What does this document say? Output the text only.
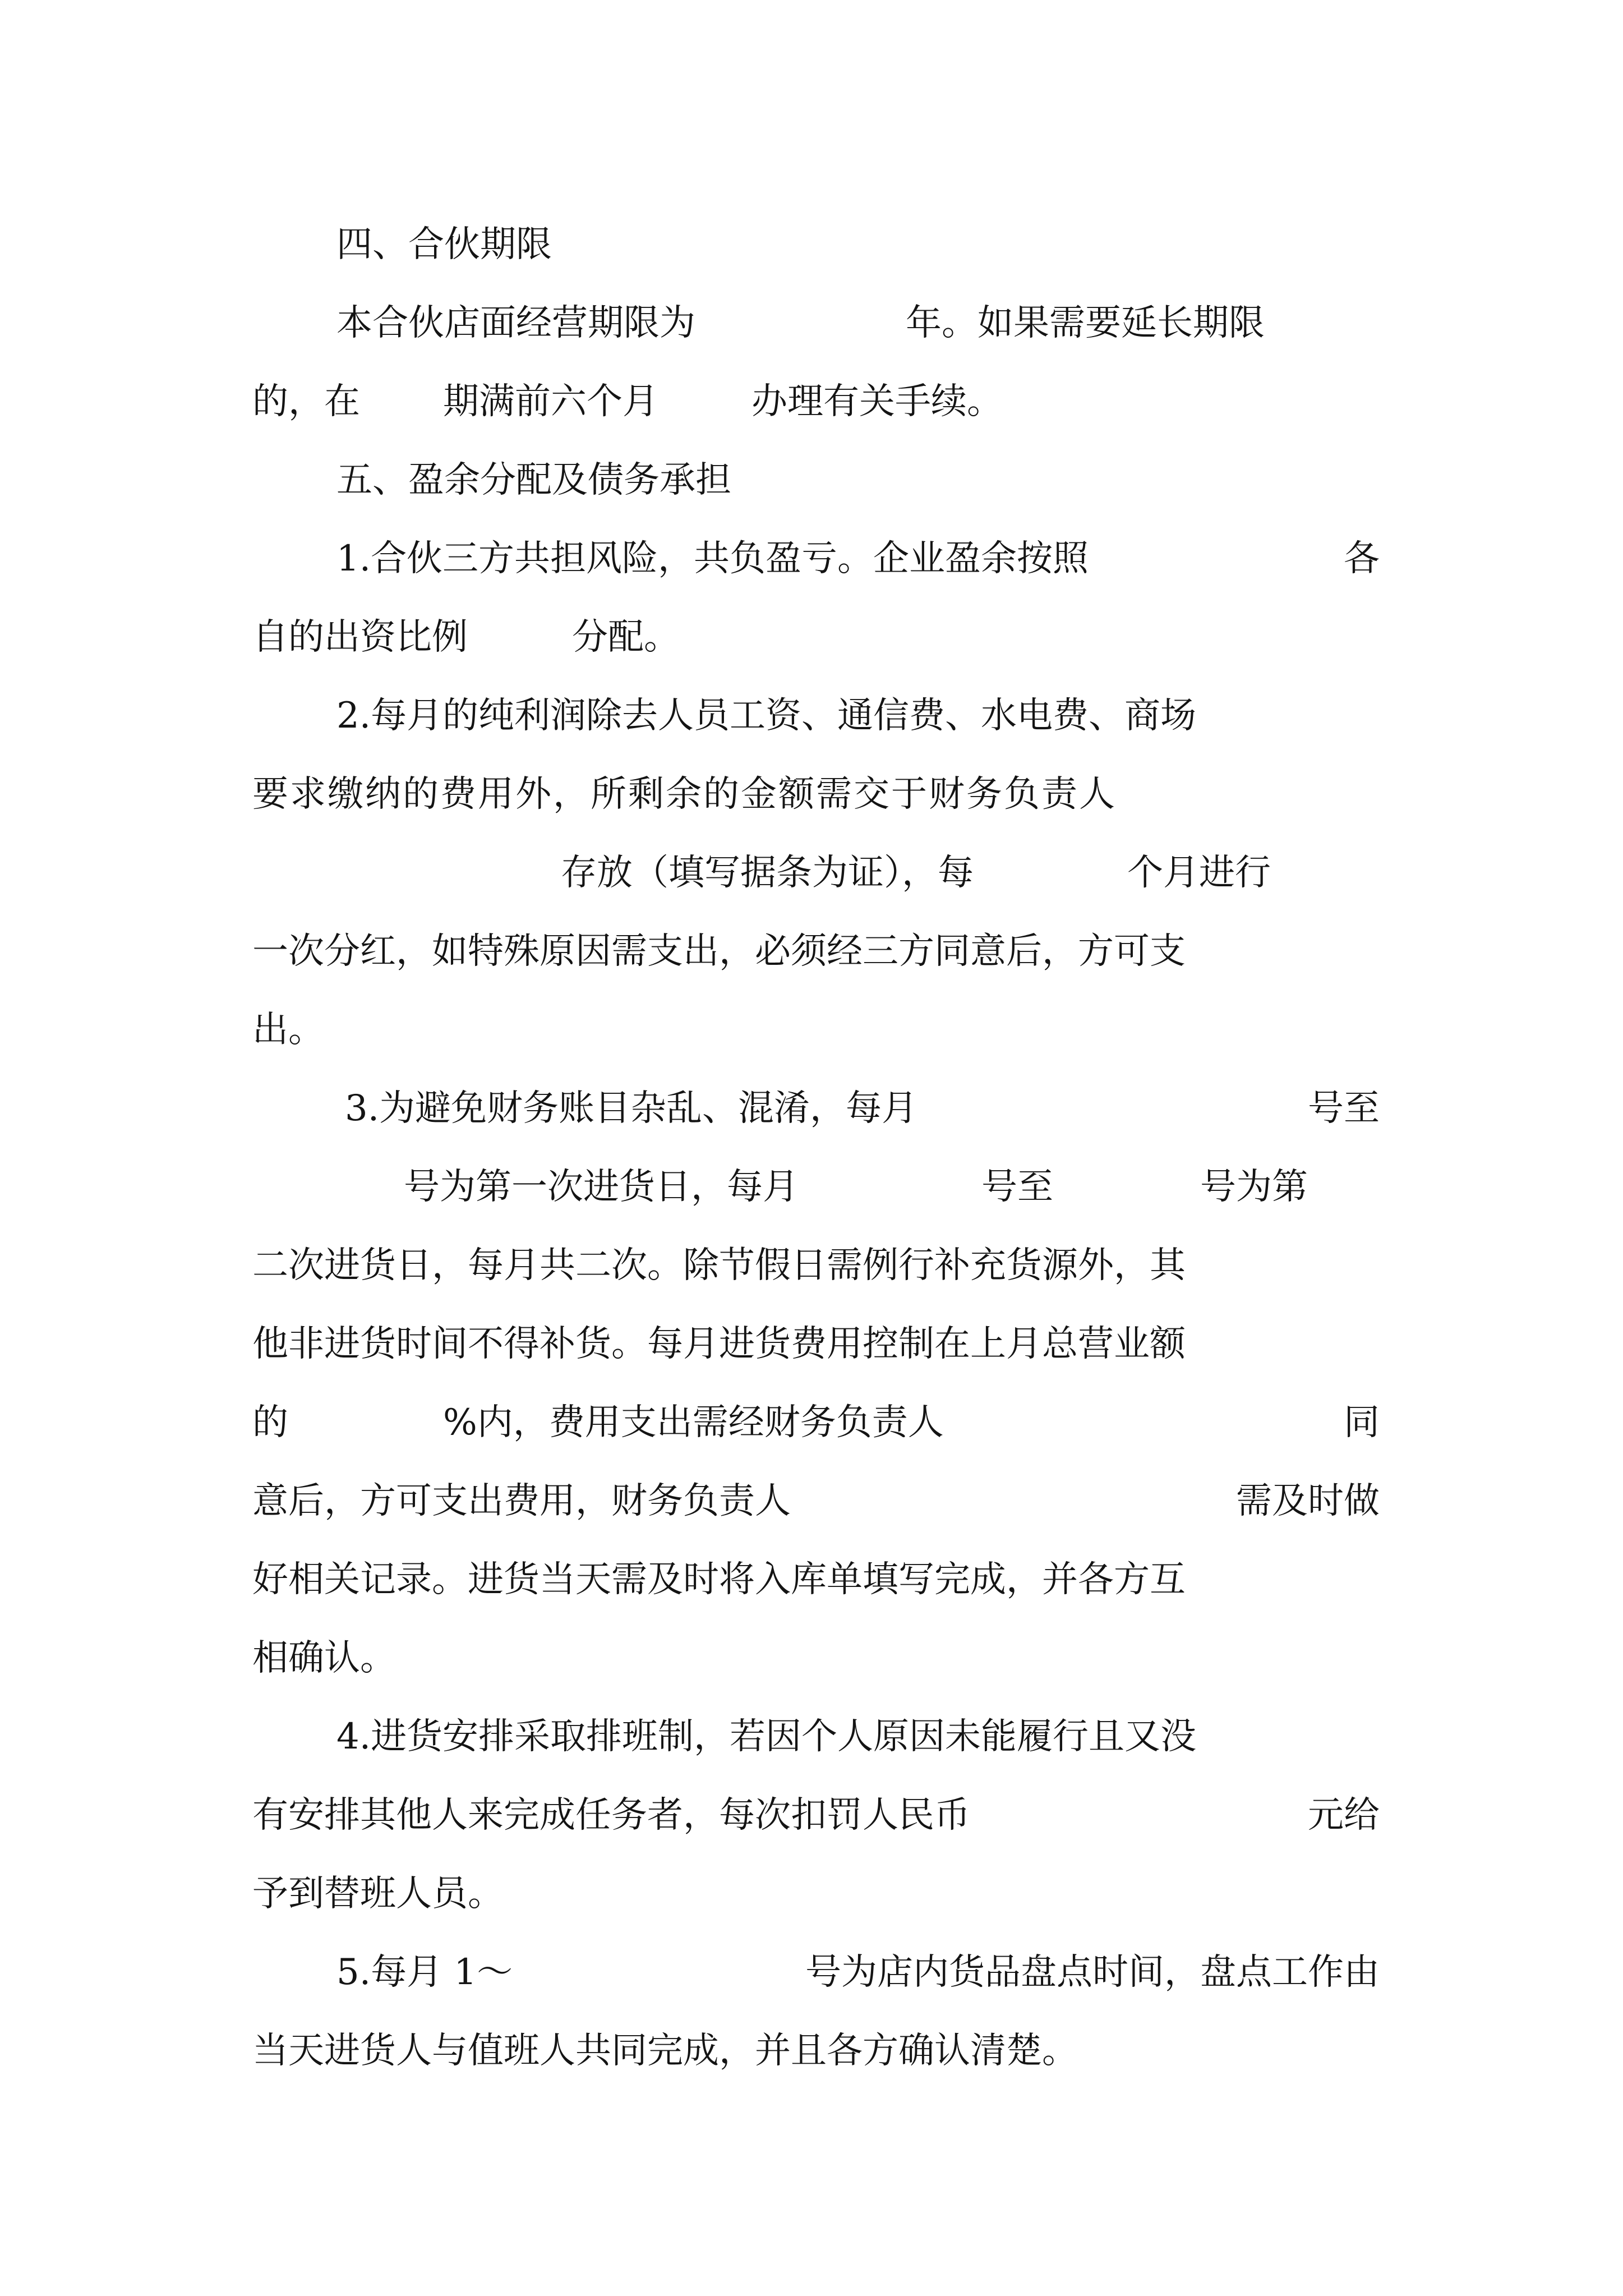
四、合伙期限
本合伙店面经营期限为	年。如果需要延长期限
的，在	期满前六个月	办理有关手续。
五、盈余分配及债务承担
1.合伙三方共担风险，共负盈亏。企业盈余按照	各
自的出资比例	分配。
2.每月的纯利润除去人员工资、通信费、水电费、商场
要求缴纳的费用外，所剩余的金额需交于财务负责人
存放（填写据条为证），每	个月进行
一次分红，如特殊原因需支出，必须经三方同意后，方可支
出。
3.为避免财务账目杂乱、混淆，每月	号至
号为第一次进货日，每月	号至	号为第
二次进货日，每月共二次。除节假日需例行补充货源外，其
他非进货时间不得补货。每月进货费用控制在上月总营业额
的	%内，费用支出需经财务负责人	同
意后，方可支出费用，财务负责人	需及时做
好相关记录。进货当天需及时将入库单填写完成，并各方互
相确认。
4.进货安排采取排班制，若因个人原因未能履行且又没
有安排其他人来完成任务者，每次扣罚人民币	元给
予到替班人员。
5.每月 1～	号为店内货品盘点时间，盘点工作由
当天进货人与值班人共同完成，并且各方确认清楚。
